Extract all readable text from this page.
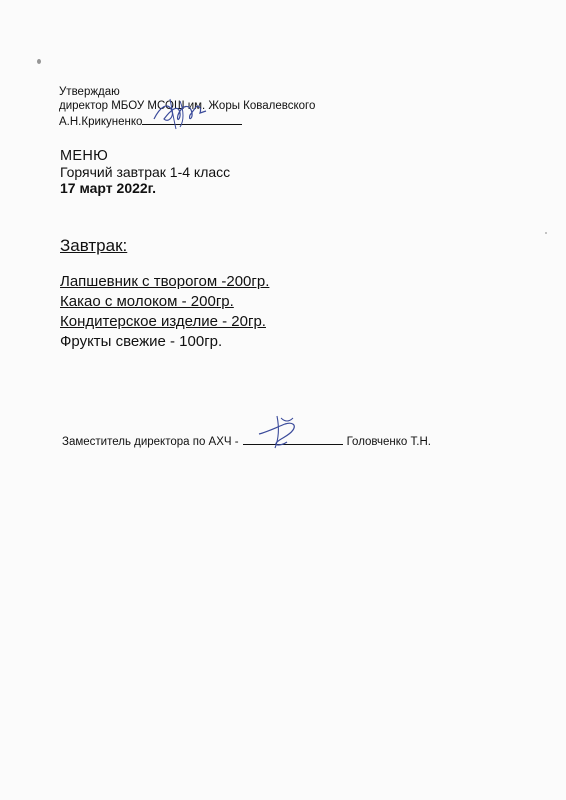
Утверждаю
директор МБОУ МСОШ им. Жоры Ковалевского
А.Н.Крикуненко
МЕНЮ
Горячий завтрак 1-4 класс
17 март 2022г.
Завтрак:
Лапшевник с творогом -200гр.
Какао с молоком - 200гр.
Кондитерское изделие - 20гр.
Фрукты свежие - 100гр.
Заместитель директора по АХЧ -	Головченко Т.Н.
